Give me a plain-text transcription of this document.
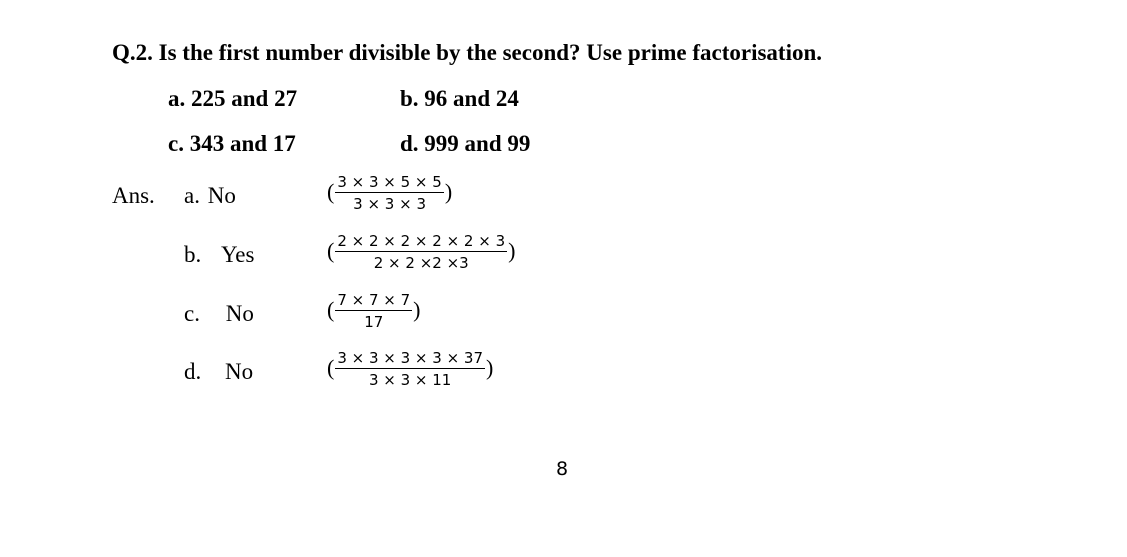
Q.2. Is the first number divisible by the second? Use prime factorisation.
a. 225 and 27	b. 96 and 24
c. 343 and 17	d. 999 and 99
Ans. a. No	( $\frac{3 \times 3 \times 5 \times 5}{3 \times 3 \times 3}$ )
b. Yes	( $\frac{2 \times 2 \times 2 \times 2 \times 2 \times 3}{2 \times 2 \times 2 \times 3}$ )
c. No	( $\frac{7 \times 7 \times 7}{17}$ )
d. No	( $\frac{3 \times 3 \times 3 \times 3 \times 37}{3 \times 3 \times 11}$ )
8
